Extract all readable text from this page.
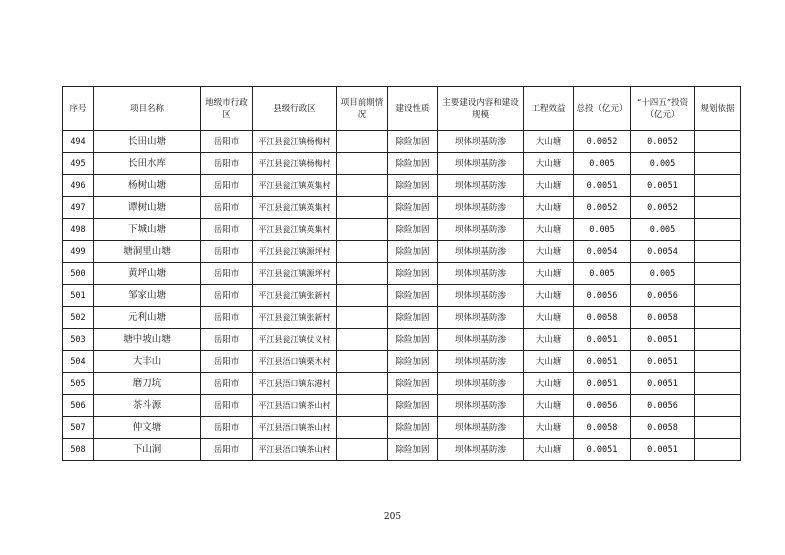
序号	项目名称	地级市行政区	县级行政区	项目前期情况	建设性质	主要建设内容和建设规模	工程效益	总投（亿元）	“十四五”投资（亿元）	规划依据
494	长田山塘	岳阳市	平江县瓮江镇杨梅村		除险加固	坝体坝基防渗	大山塘	0.0052	0.0052	
495	长田水库	岳阳市	平江县瓮江镇杨梅村		除险加固	坝体坝基防渗	大山塘	0.005	0.005	
496	杨树山塘	岳阳市	平江县瓮江镇英集村		除险加固	坝体坝基防渗	大山塘	0.0051	0.0051	
497	谭树山塘	岳阳市	平江县瓮江镇英集村		除险加固	坝体坝基防渗	大山塘	0.0052	0.0052	
498	下城山塘	岳阳市	平江县瓮江镇英集村		除险加固	坝体坝基防渗	大山塘	0.005	0.005	
499	塘洞里山塘	岳阳市	平江县瓮江镇源坪村		除险加固	坝体坝基防渗	大山塘	0.0054	0.0054	
500	黄坪山塘	岳阳市	平江县瓮江镇源坪村		除险加固	坝体坝基防渗	大山塘	0.005	0.005	
501	邹家山塘	岳阳市	平江县瓮江镇张新村		除险加固	坝体坝基防渗	大山塘	0.0056	0.0056	
502	元利山塘	岳阳市	平江县瓮江镇张新村		除险加固	坝体坝基防渗	大山塘	0.0058	0.0058	
503	塘中坡山塘	岳阳市	平江县瓮江镇仗义村		除险加固	坝体坝基防渗	大山塘	0.0051	0.0051	
504	大丰山	岳阳市	平江县浯口镇栗木村		除险加固	坝体坝基防渗	大山塘	0.0051	0.0051	
505	磨刀坑	岳阳市	平江县浯口镇东港村		除险加固	坝体坝基防渗	大山塘	0.0051	0.0051	
506	茶斗源	岳阳市	平江县浯口镇茶山村		除险加固	坝体坝基防渗	大山塘	0.0056	0.0056	
507	仲文塘	岳阳市	平江县浯口镇茶山村		除险加固	坝体坝基防渗	大山塘	0.0058	0.0058	
508	下山洞	岳阳市	平江县浯口镇茶山村		除险加固	坝体坝基防渗	大山塘	0.0051	0.0051	
205
